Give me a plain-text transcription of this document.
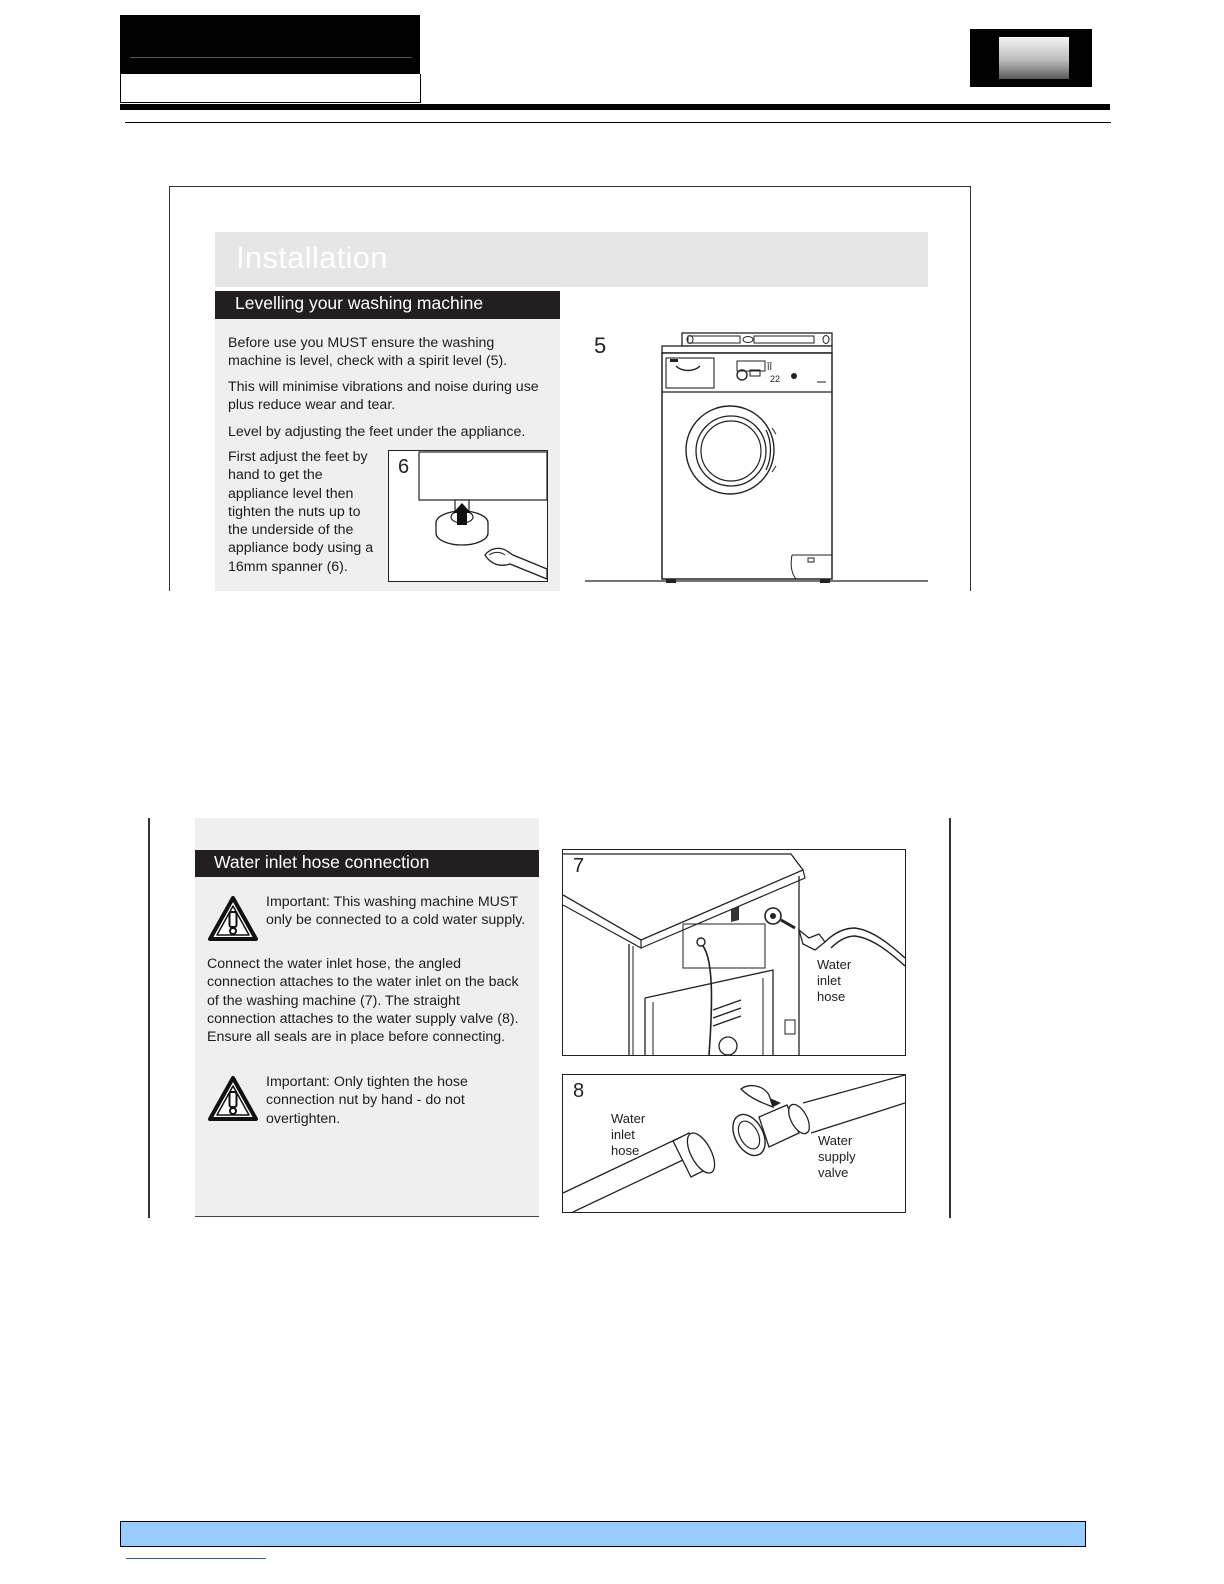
Installation
Levelling your washing machine
Before use you MUST ensure the washing machine is level, check with a spirit level (5).
This will minimise vibrations and noise during use plus reduce wear and tear.
Level by adjusting the feet under the appliance.
First adjust the feet by hand to get the appliance level then tighten the nuts up to the underside of the appliance body using a 16mm spanner (6).
6
5
ĪĪ
22
Water inlet hose connection
Important: This washing machine MUST only be connected to a cold water supply.
Connect the water inlet hose, the angled connection attaches to the water inlet on the back of the washing machine (7). The straight connection attaches to the water supply valve (8). Ensure all seals are in place before connecting.
Important: Only tighten the hose connection nut by hand - do not overtighten.
7
Water
inlet
hose
8
Water
inlet
hose
Water
supply
valve
